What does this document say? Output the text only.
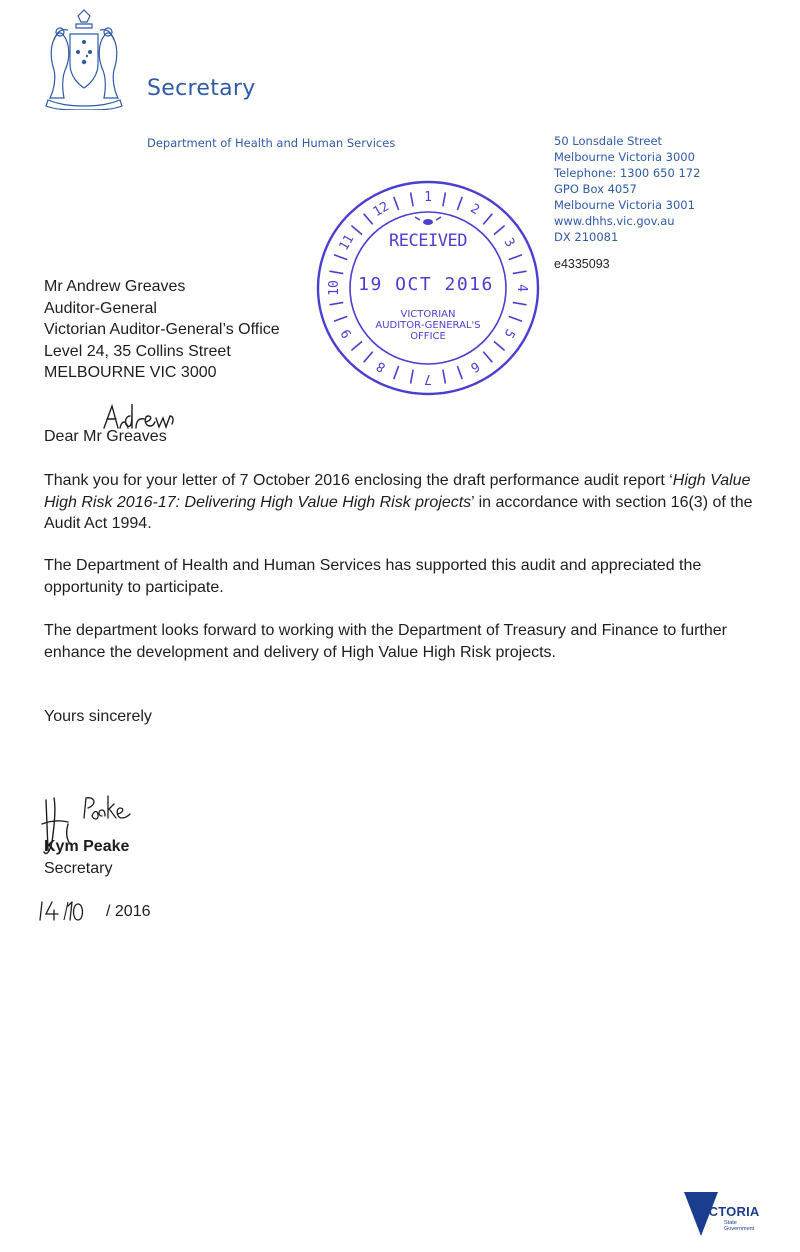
Secretary
Department of Health and Human Services	50 Lonsdale Street
Melbourne Victoria 3000
Telephone: 1300 650 172
GPO Box 4057
Melbourne Victoria 3001
www.dhhs.vic.gov.au
DX 210081
e4335093
1
2
3
4
5
6
7
8
9
10
11
12
RECEIVED
19 OCT 2016
VICTORIAN
AUDITOR-GENERAL'S
OFFICE
Mr Andrew Greaves
Auditor-General
Victorian Auditor-General’s Office
Level 24, 35 Collins Street
MELBOURNE VIC 3000
Dear Mr Greaves
Thank you for your letter of 7 October 2016 enclosing the draft performance audit report ‘High Value High Risk 2016-17: Delivering High Value High Risk projects’ in accordance with section 16(3) of the Audit Act 1994.
The Department of Health and Human Services has supported this audit and appreciated the opportunity to participate.
The department looks forward to working with the Department of Treasury and Finance to further enhance the development and delivery of High Value High Risk projects.
Yours sincerely
Kym Peake
Secretary
/ 2016
VICTORIA
State
Government
